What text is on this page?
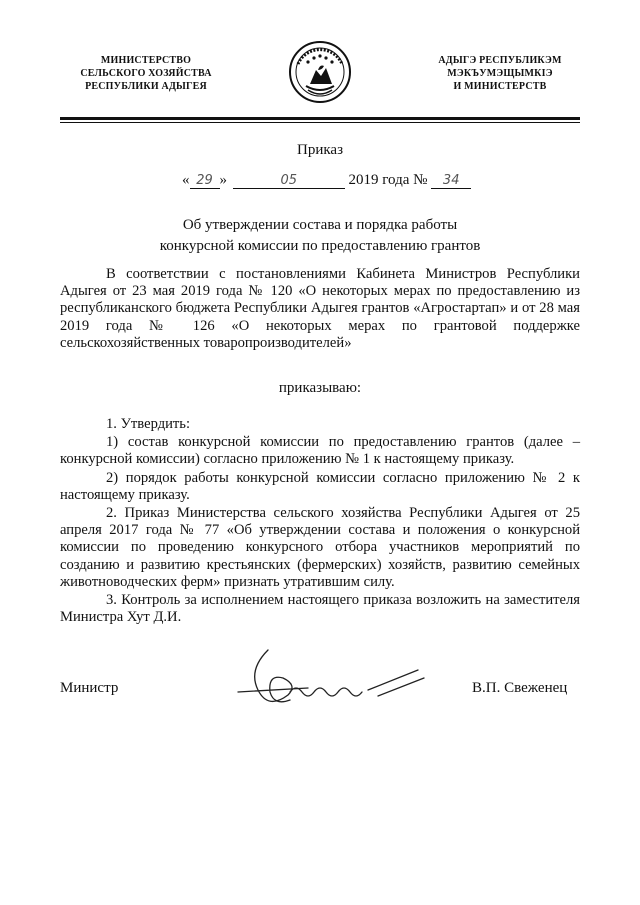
МИНИСТЕРСТВО
СЕЛЬСКОГО ХОЗЯЙСТВА
РЕСПУБЛИКИ АДЫГЕЯ
АДЫГЭ РЕСПУБЛИКЭМ
МЭКЪУМЭЩЫМКIЭ
И МИНИСТЕРСТВ
Приказ
« 29 »	05	2019 года № 34
Об утверждении состава и порядка работы
конкурсной комиссии по предоставлению грантов

В соответствии с постановлениями Кабинета Министров Республики Адыгея от 23 мая 2019 года № 120 «О некоторых мерах по предоставлению из республиканского бюджета Республики Адыгея грантов «Агростартап» и от 28 мая 2019 года № 126 «О некоторых мерах по грантовой поддержке сельскохозяйственных товаропроизводителей»

приказываю:

1. Утвердить:

1) состав конкурсной комиссии по предоставлению грантов (далее – конкурсной комиссии) согласно приложению № 1 к настоящему приказу.

2) порядок работы конкурсной комиссии согласно приложению № 2 к настоящему приказу.

2. Приказ Министерства сельского хозяйства Республики Адыгея от 25 апреля 2017 года № 77 «Об утверждении состава и положения о конкурсной комиссии по проведению конкурсного отбора участников мероприятий по созданию и развитию крестьянских (фермерских) хозяйств, развитию семейных животноводческих ферм» признать утратившим силу.

3. Контроль за исполнением настоящего приказа возложить на заместителя Министра Хут Д.И.

Министр	В.П. Свеженец
